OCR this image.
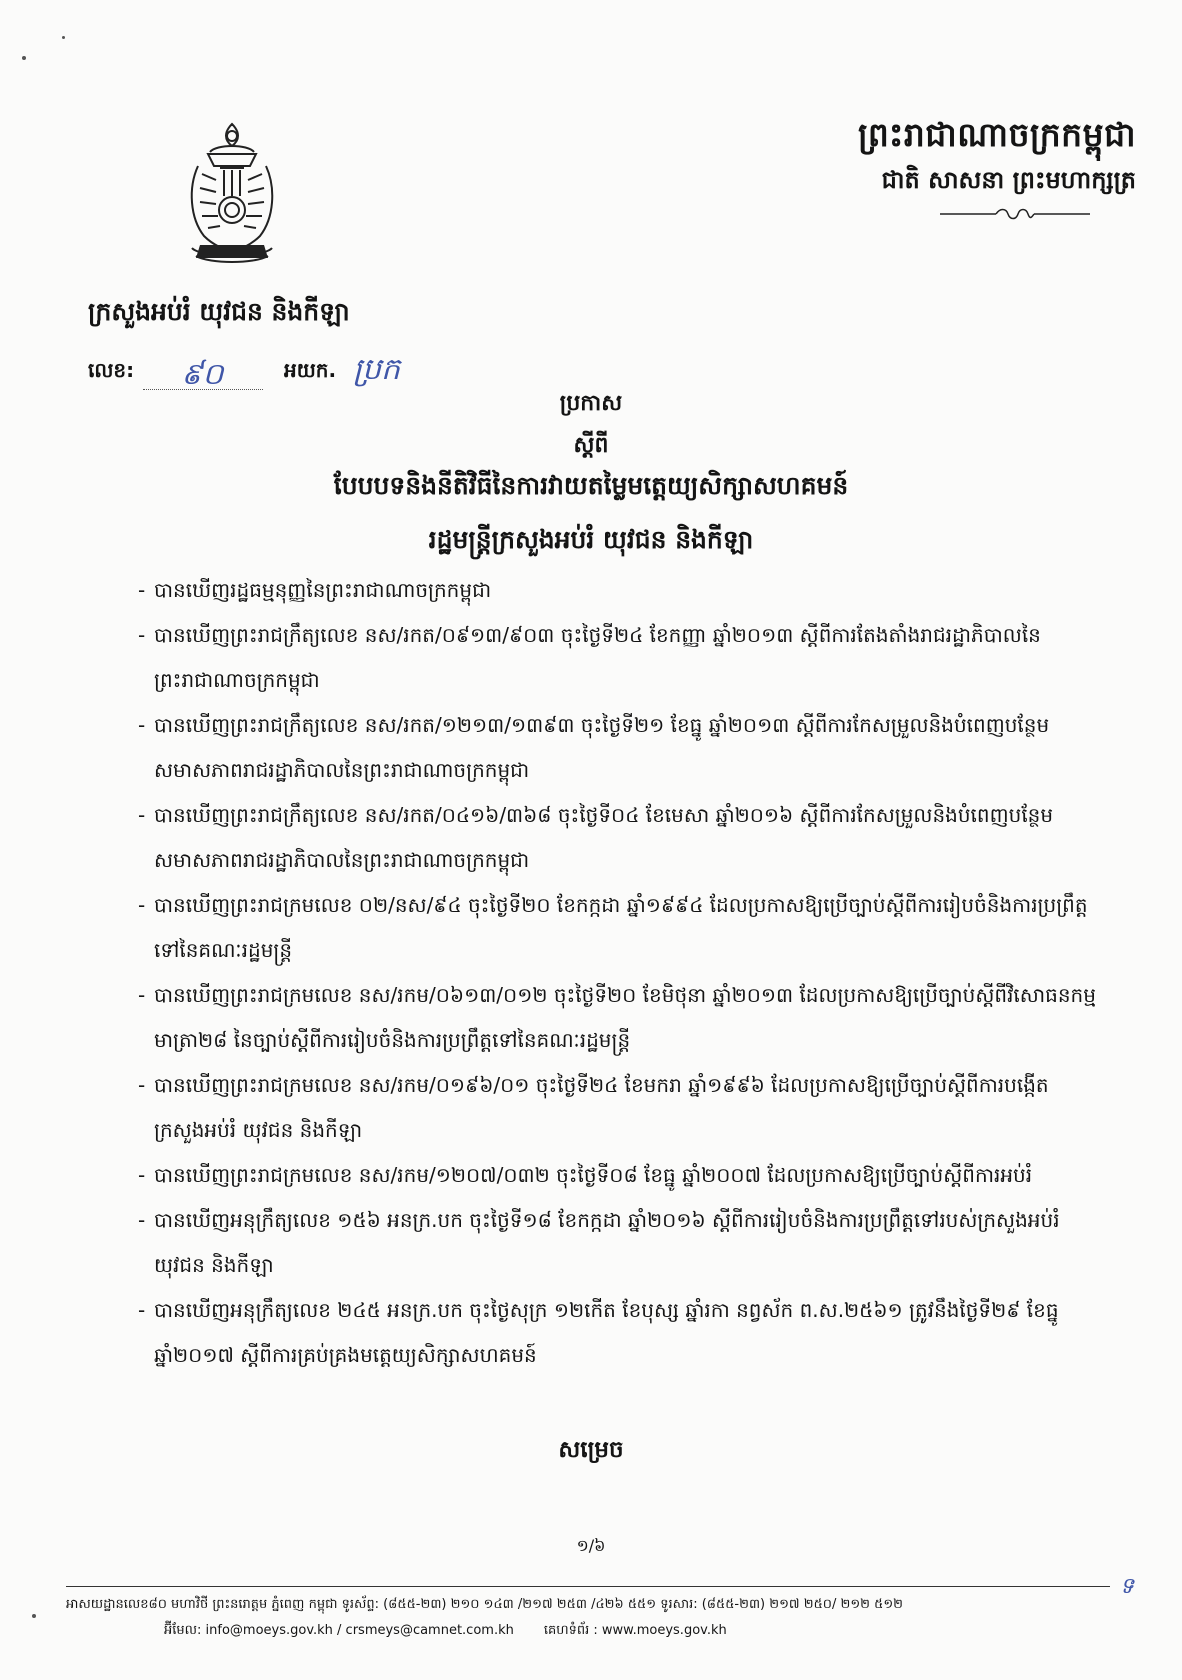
ព្រះរាជាណាចក្រកម្ពុជា
ជាតិ សាសនា ព្រះមហាក្សត្រ
ក្រសួងអប់រំ យុវជន និងកីឡា
លេខ: ៩០	អយក. ប្រក
ប្រកាស
ស្តីពី
បែបបទនិងនីតិវិធីនៃការវាយតម្លៃមត្តេយ្យសិក្សាសហគមន៍
រដ្ឋមន្ត្រីក្រសួងអប់រំ យុវជន និងកីឡា
- បានឃើញរដ្ឋធម្មនុញ្ញនៃព្រះរាជាណាចក្រកម្ពុជា
- បានឃើញព្រះរាជក្រឹត្យលេខ នស/រកត/០៩១៣/៩០៣ ចុះថ្ងៃទី២៤ ខែកញ្ញា ឆ្នាំ២០១៣ ស្តីពីការតែងតាំងរាជរដ្ឋាភិបាលនៃព្រះរាជាណាចក្រកម្ពុជា
- បានឃើញព្រះរាជក្រឹត្យលេខ នស/រកត/១២១៣/១៣៩៣ ចុះថ្ងៃទី២១ ខែធ្នូ ឆ្នាំ២០១៣ ស្តីពីការកែសម្រួលនិងបំពេញបន្ថែមសមាសភាពរាជរដ្ឋាភិបាលនៃព្រះរាជាណាចក្រកម្ពុជា
- បានឃើញព្រះរាជក្រឹត្យលេខ នស/រកត/០៤១៦/៣៦៨ ចុះថ្ងៃទី០៤ ខែមេសា ឆ្នាំ២០១៦ ស្តីពីការកែសម្រួលនិងបំពេញបន្ថែមសមាសភាពរាជរដ្ឋាភិបាលនៃព្រះរាជាណាចក្រកម្ពុជា
- បានឃើញព្រះរាជក្រមលេខ ០២/នស/៩៤ ចុះថ្ងៃទី២០ ខែកក្កដា ឆ្នាំ១៩៩៤ ដែលប្រកាសឱ្យប្រើច្បាប់ស្តីពីការរៀបចំនិងការប្រព្រឹត្តទៅនៃគណៈរដ្ឋមន្ត្រី
- បានឃើញព្រះរាជក្រមលេខ នស/រកម/០៦១៣/០១២ ចុះថ្ងៃទី២០ ខែមិថុនា ឆ្នាំ២០១៣ ដែលប្រកាសឱ្យប្រើច្បាប់ស្តីពីវិសោធនកម្មមាត្រា២៨ នៃច្បាប់ស្តីពីការរៀបចំនិងការប្រព្រឹត្តទៅនៃគណៈរដ្ឋមន្ត្រី
- បានឃើញព្រះរាជក្រមលេខ នស/រកម/០១៩៦/០១ ចុះថ្ងៃទី២៤ ខែមករា ឆ្នាំ១៩៩៦ ដែលប្រកាសឱ្យប្រើច្បាប់ស្តីពីការបង្កើតក្រសួងអប់រំ យុវជន និងកីឡា
- បានឃើញព្រះរាជក្រមលេខ នស/រកម/១២០៧/០៣២ ចុះថ្ងៃទី០៨ ខែធ្នូ ឆ្នាំ២០០៧ ដែលប្រកាសឱ្យប្រើច្បាប់ស្តីពីការអប់រំ
- បានឃើញអនុក្រឹត្យលេខ ១៥៦ អនក្រ.បក ចុះថ្ងៃទី១៨ ខែកក្កដា ឆ្នាំ២០១៦ ស្តីពីការរៀបចំនិងការប្រព្រឹត្តទៅរបស់ក្រសួងអប់រំ យុវជន និងកីឡា
- បានឃើញអនុក្រឹត្យលេខ ២៤៥ អនក្រ.បក ចុះថ្ងៃសុក្រ ១២កើត ខែបុស្ស ឆ្នាំរកា នព្វស័ក ព.ស.២៥៦១ ត្រូវនឹងថ្ងៃទី២៩ ខែធ្នូ ឆ្នាំ២០១៧ ស្តីពីការគ្រប់គ្រងមត្តេយ្យសិក្សាសហគមន៍
សម្រេច
១/៦
ទ
អាសយដ្ឋានលេខ៨០ មហាវិថី ព្រះនរោត្តម ភ្នំពេញ កម្ពុជា ទូរស័ព្ទ: (៨៥៥-២៣) ២១០ ១៤៣ /២១៧ ២៥៣ /៤២៦ ៥៥១ ទូរសារ: (៨៥៥-២៣) ២១៧ ២៥០/ ២១២ ៥១២
អ៊ីមែល: info@moeys.gov.kh / crsmeys@camnet.com.kh គេហទំព័រ : www.moeys.gov.kh
